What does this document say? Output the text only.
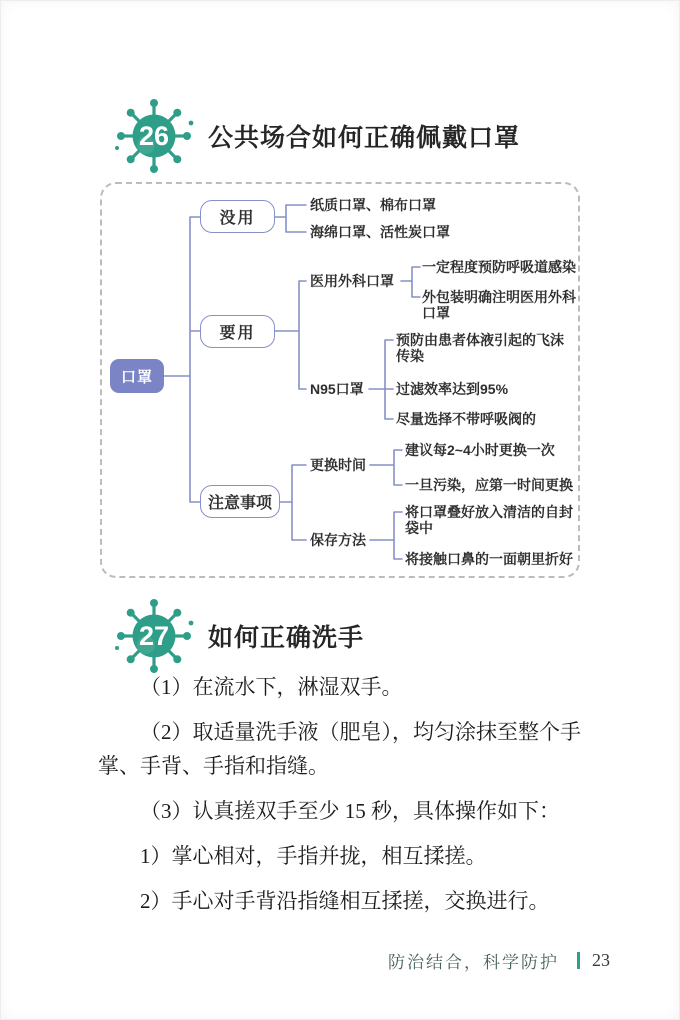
26 公共场合如何正确佩戴口罩
口罩
没用
要用
注意事项
纸质口罩、棉布口罩
海绵口罩、活性炭口罩
医用外科口罩
一定程度预防呼吸道感染
外包装明确注明医用外科口罩
N95口罩
预防由患者体液引起的飞沫传染
过滤效率达到95%
尽量选择不带呼吸阀的
更换时间
建议每2~4小时更换一次
一旦污染，应第一时间更换
保存方法
将口罩叠好放入清洁的自封袋中
将接触口鼻的一面朝里折好
27 如何正确洗手

（1）在流水下，淋湿双手。

（2）取适量洗手液（肥皂），均匀涂抹至整个手掌、手背、手指和指缝。

（3）认真搓双手至少 15 秒，具体操作如下：

1）掌心相对，手指并拢，相互揉搓。

2）手心对手背沿指缝相互揉搓，交换进行。

防治结合，科学防护 23
